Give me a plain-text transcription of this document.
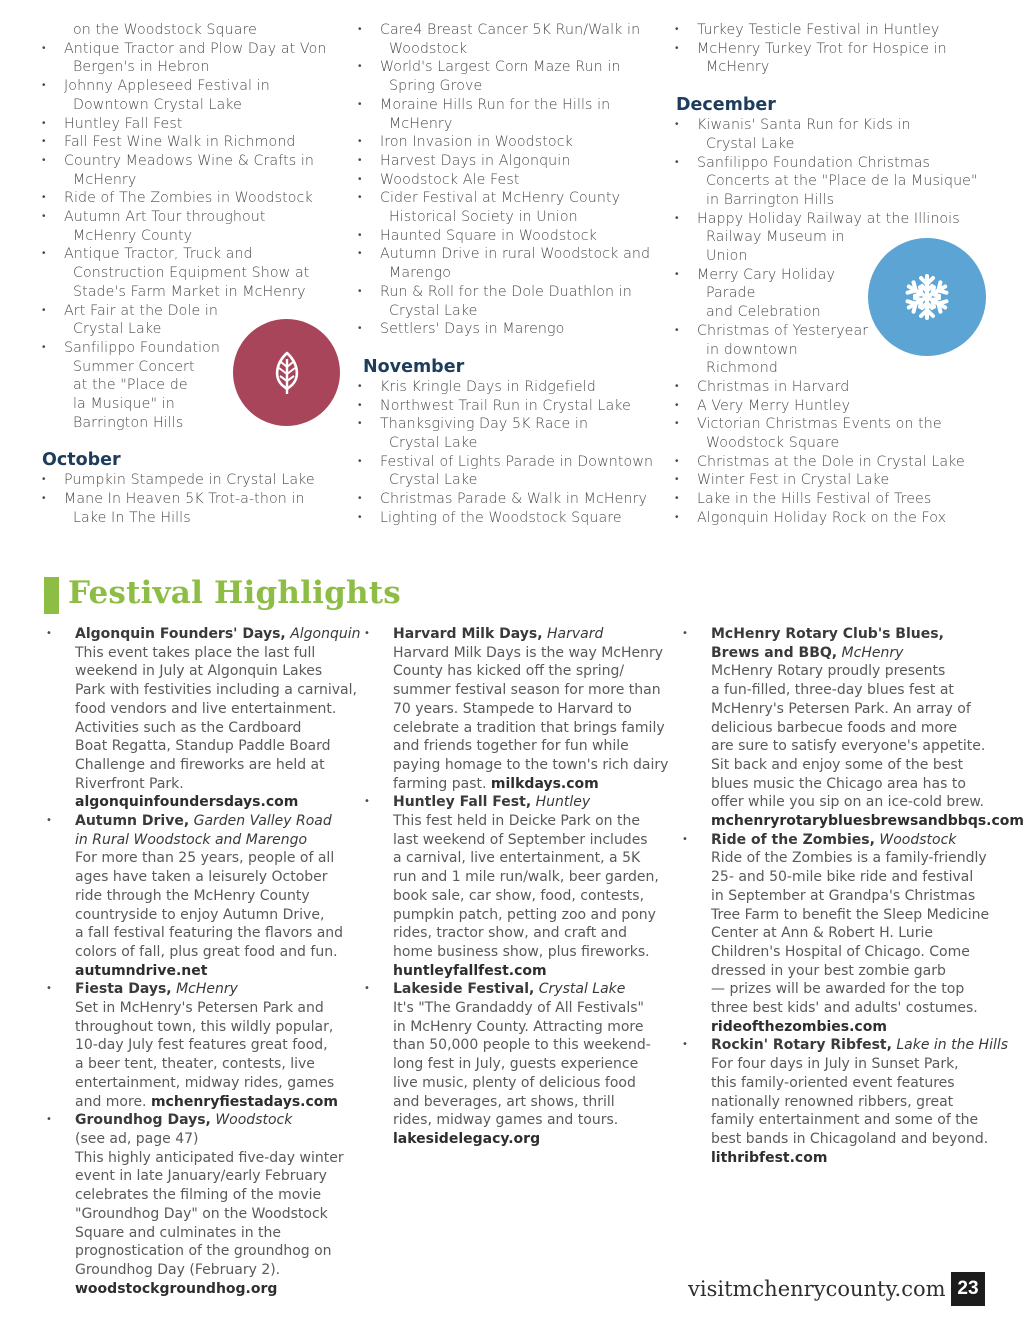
on the Woodstock Square
• Antique Tractor and Plow Day at Von
Bergen's in Hebron
• Johnny Appleseed Festival in
Downtown Crystal Lake
• Huntley Fall Fest
• Fall Fest Wine Walk in Richmond
• Country Meadows Wine & Crafts in
McHenry
• Ride of The Zombies in Woodstock
• Autumn Art Tour throughout
McHenry County
• Antique Tractor, Truck and
Construction Equipment Show at
Stade's Farm Market in McHenry
• Art Fair at the Dole in
Crystal Lake
• Sanfilippo Foundation
Summer Concert
at the "Place de
la Musique" in
Barrington Hills
October
• Pumpkin Stampede in Crystal Lake
• Mane In Heaven 5K Trot-a-thon in
Lake In The Hills
• Care4 Breast Cancer 5K Run/Walk in
Woodstock
• World's Largest Corn Maze Run in
Spring Grove
• Moraine Hills Run for the Hills in
McHenry
• Iron Invasion in Woodstock
• Harvest Days in Algonquin
• Woodstock Ale Fest
• Cider Festival at McHenry County
Historical Society in Union
• Haunted Square in Woodstock
• Autumn Drive in rural Woodstock and
Marengo
• Run & Roll for the Dole Duathlon in
Crystal Lake
• Settlers' Days in Marengo
November
• Kris Kringle Days in Ridgefield
• Northwest Trail Run in Crystal Lake
• Thanksgiving Day 5K Race in
Crystal Lake
• Festival of Lights Parade in Downtown
Crystal Lake
• Christmas Parade & Walk in McHenry
• Lighting of the Woodstock Square
• Turkey Testicle Festival in Huntley
• McHenry Turkey Trot for Hospice in
McHenry
December
• Kiwanis' Santa Run for Kids in
Crystal Lake
• Sanfilippo Foundation Christmas
Concerts at the "Place de la Musique"
in Barrington Hills
• Happy Holiday Railway at the Illinois
Railway Museum in
Union
• Merry Cary Holiday
Parade
and Celebration
• Christmas of Yesteryear
in downtown
Richmond
• Christmas in Harvard
• A Very Merry Huntley
• Victorian Christmas Events on the
Woodstock Square
• Christmas at the Dole in Crystal Lake
• Winter Fest in Crystal Lake
• Lake in the Hills Festival of Trees
• Algonquin Holiday Rock on the Fox
Festival Highlights
• Algonquin Founders' Days, Algonquin
This event takes place the last full
weekend in July at Algonquin Lakes
Park with festivities including a carnival,
food vendors and live entertainment.
Activities such as the Cardboard
Boat Regatta, Standup Paddle Board
Challenge and fireworks are held at
Riverfront Park.
algonquinfoundersdays.com
• Autumn Drive, Garden Valley Road
in Rural Woodstock and Marengo
For more than 25 years, people of all
ages have taken a leisurely October
ride through the McHenry County
countryside to enjoy Autumn Drive,
a fall festival featuring the flavors and
colors of fall, plus great food and fun.
autumndrive.net
• Fiesta Days, McHenry
Set in McHenry's Petersen Park and
throughout town, this wildly popular,
10-day July fest features great food,
a beer tent, theater, contests, live
entertainment, midway rides, games
and more. mchenryfiestadays.com
• Groundhog Days, Woodstock
(see ad, page 47)
This highly anticipated five-day winter
event in late January/early February
celebrates the filming of the movie
"Groundhog Day" on the Woodstock
Square and culminates in the
prognostication of the groundhog on
Groundhog Day (February 2).
woodstockgroundhog.org
• Harvard Milk Days, Harvard
Harvard Milk Days is the way McHenry
County has kicked off the spring/
summer festival season for more than
70 years. Stampede to Harvard to
celebrate a tradition that brings family
and friends together for fun while
paying homage to the town's rich dairy
farming past. milkdays.com
• Huntley Fall Fest, Huntley
This fest held in Deicke Park on the
last weekend of September includes
a carnival, live entertainment, a 5K
run and 1 mile run/walk, beer garden,
book sale, car show, food, contests,
pumpkin patch, petting zoo and pony
rides, tractor show, and craft and
home business show, plus fireworks.
huntleyfallfest.com
• Lakeside Festival, Crystal Lake
It's "The Grandaddy of All Festivals"
in McHenry County. Attracting more
than 50,000 people to this weekend-
long fest in July, guests experience
live music, plenty of delicious food
and beverages, art shows, thrill
rides, midway games and tours.
lakesidelegacy.org
• McHenry Rotary Club's Blues,
Brews and BBQ, McHenry
McHenry Rotary proudly presents
a fun-filled, three-day blues fest at
McHenry's Petersen Park. An array of
delicious barbecue foods and more
are sure to satisfy everyone's appetite.
Sit back and enjoy some of the best
blues music the Chicago area has to
offer while you sip on an ice-cold brew.
mchenryrotarybluesbrewsandbbqs.com
• Ride of the Zombies, Woodstock
Ride of the Zombies is a family-friendly
25- and 50-mile bike ride and festival
in September at Grandpa's Christmas
Tree Farm to benefit the Sleep Medicine
Center at Ann & Robert H. Lurie
Children's Hospital of Chicago. Come
dressed in your best zombie garb
— prizes will be awarded for the top
three best kids' and adults' costumes.
rideofthezombies.com
• Rockin' Rotary Ribfest, Lake in the Hills
For four days in July in Sunset Park,
this family-oriented event features
nationally renowned ribbers, great
family entertainment and some of the
best bands in Chicagoland and beyond.
lithribfest.com
visitmchenrycounty.com 23
